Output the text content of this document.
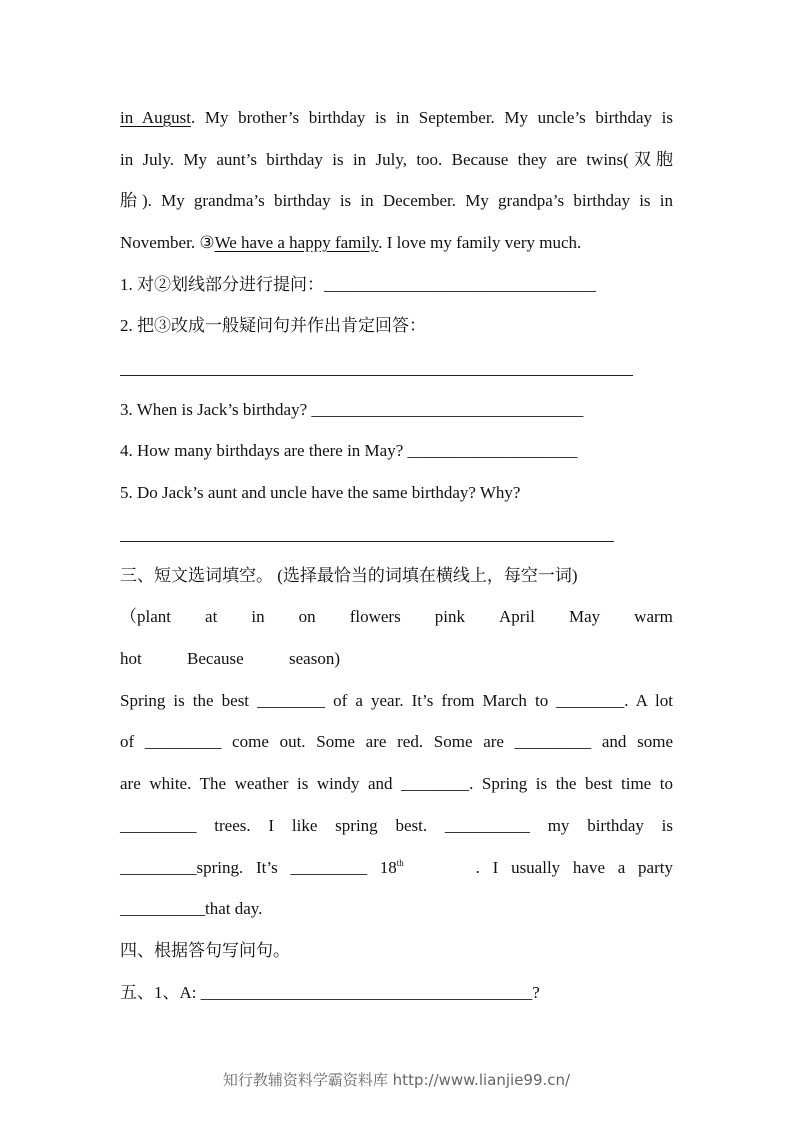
in August. My brother’s birthday is in September. My uncle’s birthday is
in July. My aunt’s birthday is in July, too. Because they are twins(双胞
胎). My grandma’s birthday is in December. My grandpa’s birthday is in
November. ③We have a happy family. I love my family very much.
1. 对②划线部分进行提问：________________________________
2. 把③改成一般疑问句并作出肯定回答：
3. When is Jack’s birthday? ________________________________
4. How many birthdays are there in May? ____________________
5. Do Jack’s aunt and uncle have the same birthday? Why?
三、短文选词填空。 (选择最恰当的词填在横线上，每空一词)
（plant at in on flowers pink April May warm
hot	Because	season)
Spring is the best ________ of a year. It’s from March to ________. A lot
of _________ come out. Some are red. Some are _________ and some
are white. The weather is windy and ________. Spring is the best time to
_________  trees.  I  like  spring  best.  __________  my  birthday  is
_________spring.   It’s   _________   18th	.   I   usually   have   a   party
__________that day.
四、根据答句写问句。
五、1、A: _______________________________________?
知行教辅资料学霸资料库 http://www.lianjie99.cn/
